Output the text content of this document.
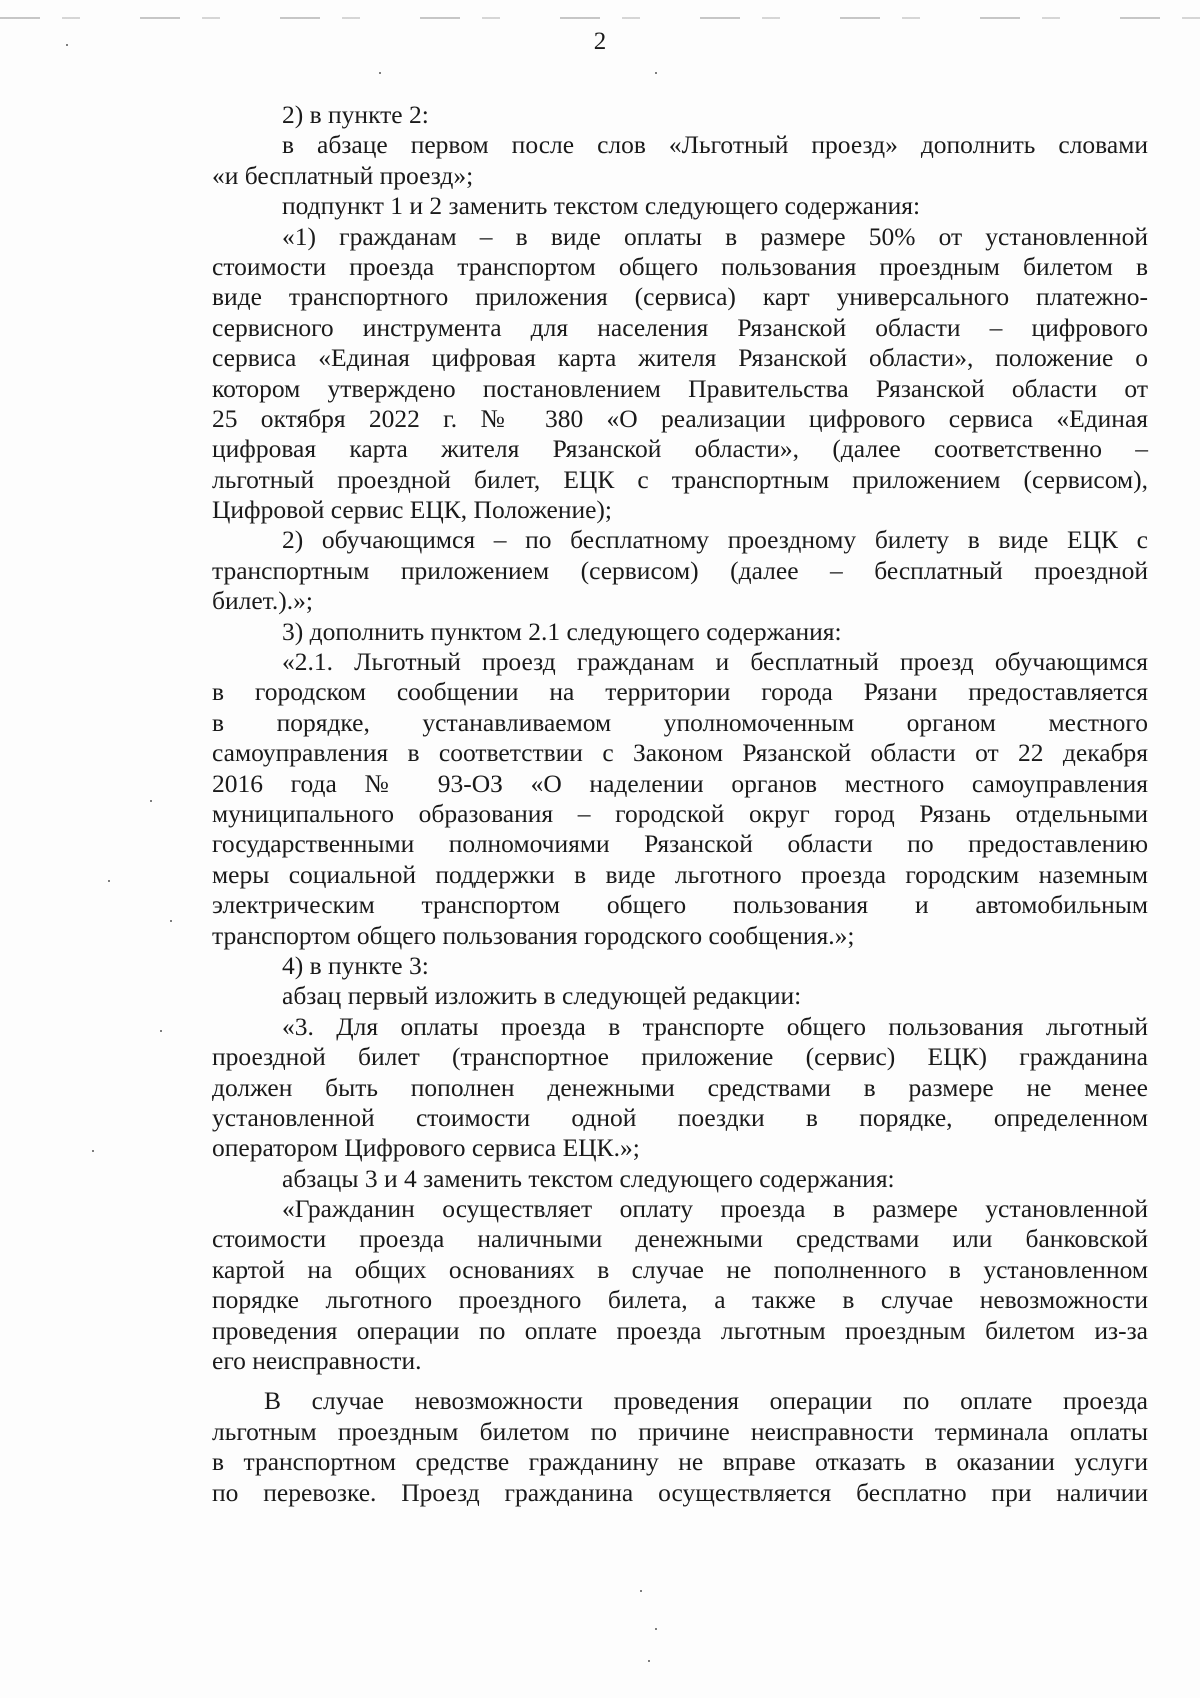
2
2) в пункте 2:
в абзаце первом после слов «Льготный проезд» дополнить словами
«и бесплатный проезд»;
подпункт 1 и 2 заменить текстом следующего содержания:
«1) гражданам – в виде оплаты в размере 50% от установленной
стоимости проезда транспортом общего пользования проездным билетом в
виде транспортного приложения (сервиса) карт универсального платежно-
сервисного инструмента для населения Рязанской области – цифрового
сервиса «Единая цифровая карта жителя Рязанской области», положение о
котором утверждено постановлением Правительства Рязанской области от
25 октября 2022 г. № 380 «О реализации цифрового сервиса «Единая
цифровая карта жителя Рязанской области», (далее соответственно –
льготный проездной билет, ЕЦК с транспортным приложением (сервисом),
Цифровой сервис ЕЦК, Положение);
2) обучающимся – по бесплатному проездному билету в виде ЕЦК с
транспортным приложением (сервисом) (далее – бесплатный проездной
билет.).»;
3) дополнить пунктом 2.1 следующего содержания:
«2.1. Льготный проезд гражданам и бесплатный проезд обучающимся
в городском сообщении на территории города Рязани предоставляется
в порядке, устанавливаемом уполномоченным органом местного
самоуправления в соответствии с Законом Рязанской области от 22 декабря
2016 года № 93-ОЗ «О наделении органов местного самоуправления
муниципального образования – городской округ город Рязань отдельными
государственными полномочиями Рязанской области по предоставлению
меры социальной поддержки в виде льготного проезда городским наземным
электрическим транспортом общего пользования и автомобильным
транспортом общего пользования городского сообщения.»;
4) в пункте 3:
абзац первый изложить в следующей редакции:
«3. Для оплаты проезда в транспорте общего пользования льготный
проездной билет (транспортное приложение (сервис) ЕЦК) гражданина
должен быть пополнен денежными средствами в размере не менее
установленной стоимости одной поездки в порядке, определенном
оператором Цифрового сервиса ЕЦК.»;
абзацы 3 и 4 заменить текстом следующего содержания:
«Гражданин осуществляет оплату проезда в размере установленной
стоимости проезда наличными денежными средствами или банковской
картой на общих основаниях в случае не пополненного в установленном
порядке льготного проездного билета, а также в случае невозможности
проведения операции по оплате проезда льготным проездным билетом из-за
его неисправности.
В случае невозможности проведения операции по оплате проезда
льготным проездным билетом по причине неисправности терминала оплаты
в транспортном средстве гражданину не вправе отказать в оказании услуги
по перевозке. Проезд гражданина осуществляется бесплатно при наличии
